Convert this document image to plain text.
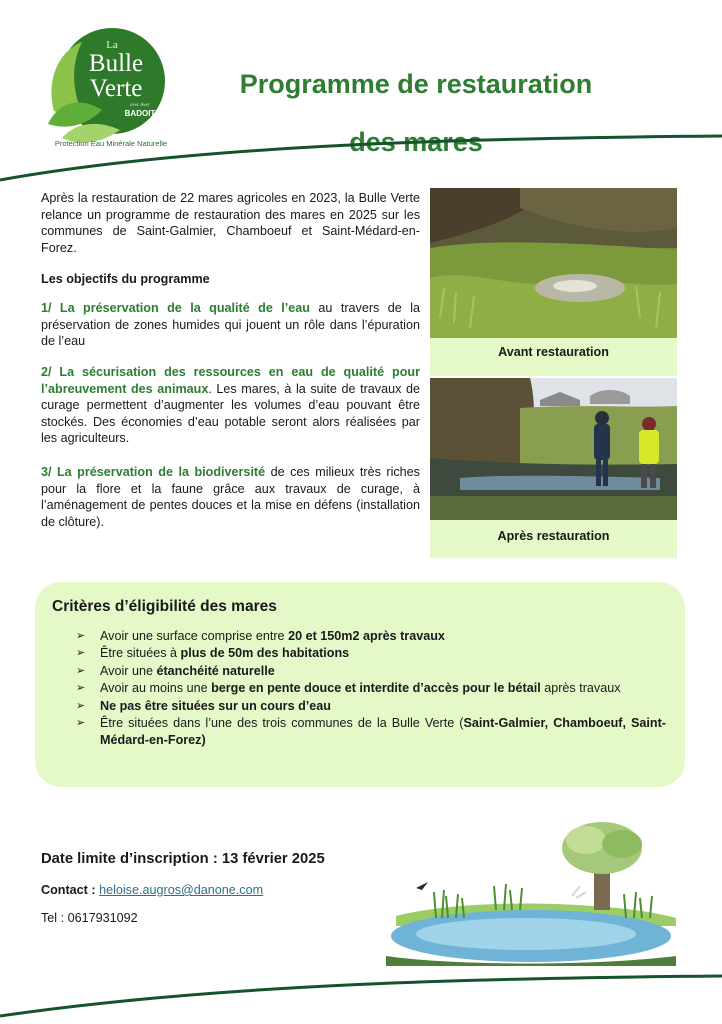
La
Bulle
Verte
avec Avec
BADOIT
Protection Eau Minérale Naturelle
Programme de restauration
des mares
Après la restauration de 22 mares agricoles en 2023, la Bulle Verte relance un programme de restauration des mares en 2025 sur les communes de Saint-Galmier, Chamboeuf et Saint-Médard-en-Forez.
Les objectifs du programme
1/ La préservation de la qualité de l’eau au travers de la préservation de zones humides qui jouent un rôle dans l’épuration de l’eau
2/ La sécurisation des ressources en eau de qualité pour l’abreuvement des animaux. Les mares, à la suite de travaux de curage permettent d’augmenter les volumes d’eau pouvant être stockés. Des économies d’eau potable seront alors réalisées par les agriculteurs.
3/ La préservation de la biodiversité de ces milieux très riches pour la flore et la faune grâce aux travaux de curage, à l’aménagement de pentes douces et la mise en défens (installation de clôture).
Avant restauration
Après restauration
Critères d’éligibilité des mares
➢ Avoir une surface comprise entre 20 et 150m2 après travaux
➢ Être situées à plus de 50m des habitations
➢ Avoir une étanchéité naturelle
➢ Avoir au moins une berge en pente douce et interdite d’accès pour le bétail après travaux
➢ Ne pas être situées sur un cours d’eau
➢ Être situées dans l’une des trois communes de la Bulle Verte (Saint-Galmier, Chamboeuf, Saint-Médard-en-Forez)
Date limite d’inscription : 13 février 2025
Contact : heloise.augros@danone.com
Tel : 0617931092
